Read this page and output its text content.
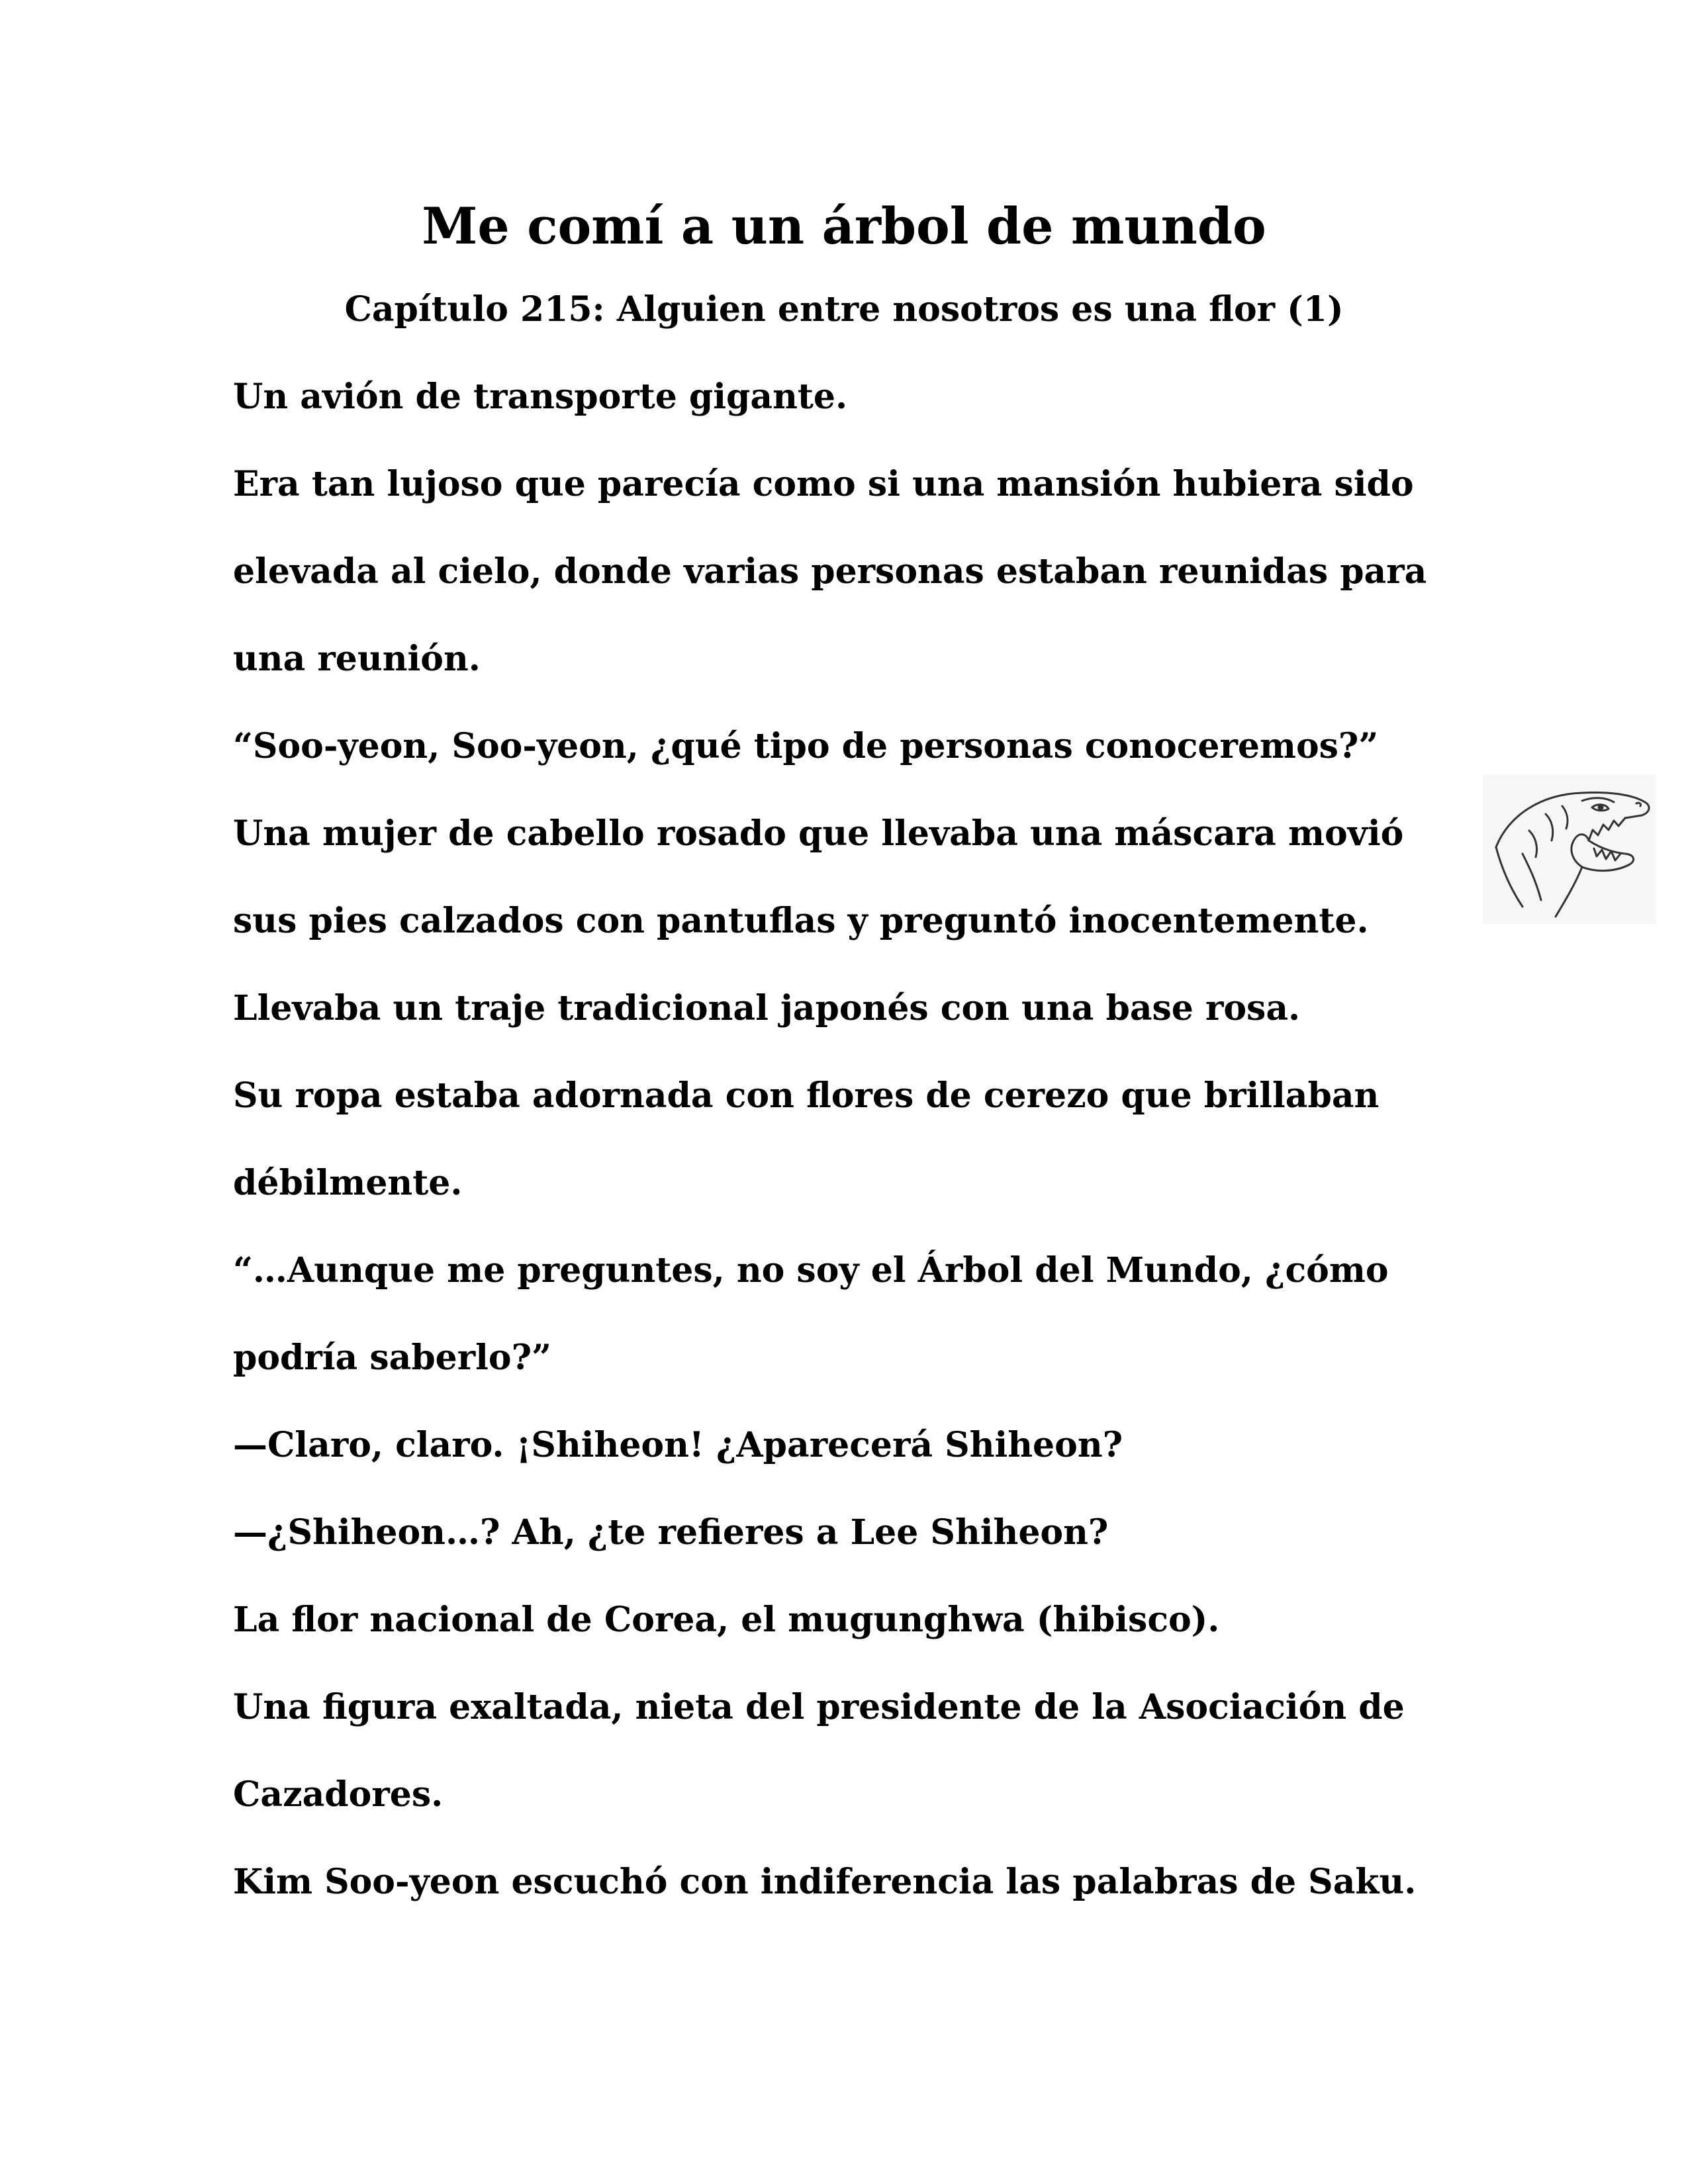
Me comí a un árbol de mundo
Capítulo 215: Alguien entre nosotros es una flor (1)

Un avión de transporte gigante.

Era tan lujoso que parecía como si una mansión hubiera sido

elevada al cielo, donde varias personas estaban reunidas para

una reunión.

“Soo-yeon, Soo-yeon, ¿qué tipo de personas conoceremos?”

Una mujer de cabello rosado que llevaba una máscara movió

sus pies calzados con pantuflas y preguntó inocentemente.

Llevaba un traje tradicional japonés con una base rosa.

Su ropa estaba adornada con flores de cerezo que brillaban

débilmente.

“…Aunque me preguntes, no soy el Árbol del Mundo, ¿cómo

podría saberlo?”

—Claro, claro. ¡Shiheon! ¿Aparecerá Shiheon?

—¿Shiheon…? Ah, ¿te refieres a Lee Shiheon?

La flor nacional de Corea, el mugunghwa (hibisco).

Una figura exaltada, nieta del presidente de la Asociación de

Cazadores.

Kim Soo-yeon escuchó con indiferencia las palabras de Saku.
